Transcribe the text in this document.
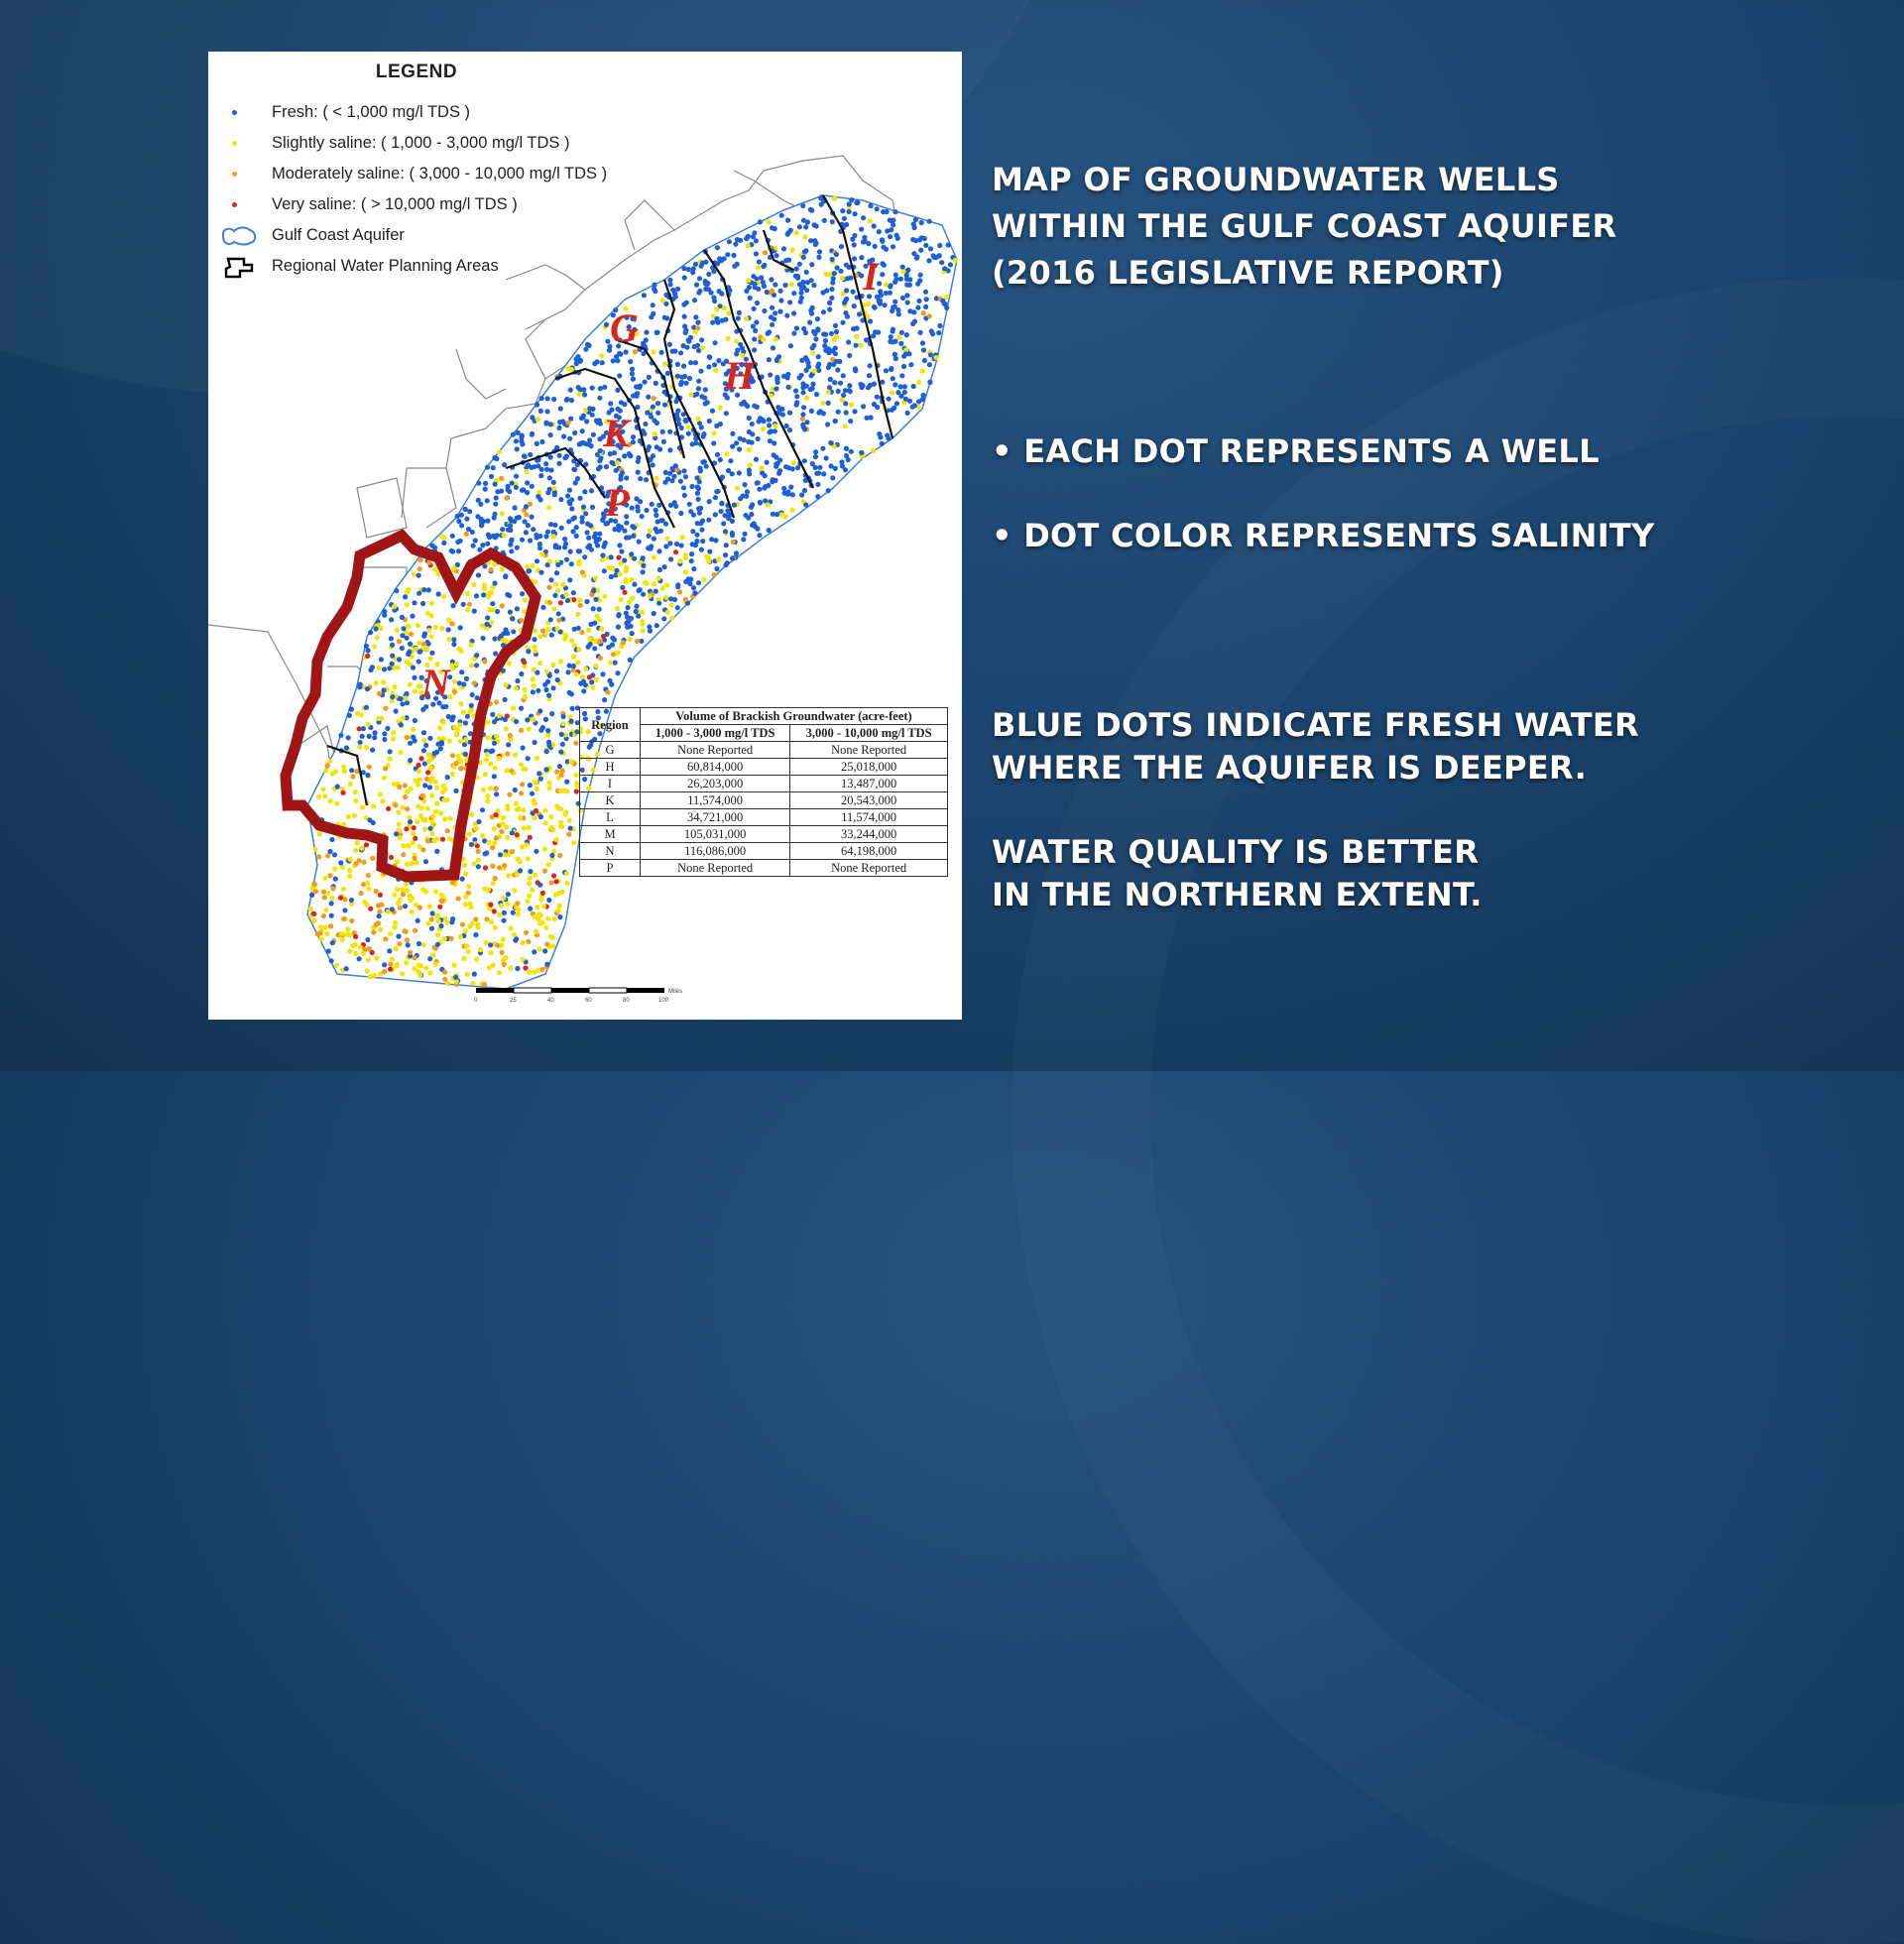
G
H
I
K
P
N
LEGEND
Fresh: ( < 1,000 mg/l TDS )
Slightly saline: ( 1,000 - 3,000 mg/l TDS )
Moderately saline: ( 3,000 - 10,000 mg/l TDS )
Very saline: ( > 10,000 mg/l TDS )
Gulf Coast Aquifer
Regional Water Planning Areas
Region	Volume of Brackish Groundwater (acre-feet)	
	1,000 - 3,000 mg/l TDS	3,000 - 10,000 mg/l TDS
G	None Reported	None Reported
H	60,814,000	25,018,000
I	26,203,000	13,487,000
K	11,574,000	20,543,000
L	34,721,000	11,574,000
M	105,031,000	33,244,000
N	116,086,000	64,198,000
P	None Reported	None Reported
0	25	40	60	80	100
Miles
MAP OF GROUNDWATER WELLS
WITHIN THE GULF COAST AQUIFER
(2016 LEGISLATIVE REPORT)
• EACH DOT REPRESENTS A WELL
• DOT COLOR REPRESENTS SALINITY
BLUE DOTS INDICATE FRESH WATER
WHERE THE AQUIFER IS DEEPER.
WATER QUALITY IS BETTER
IN THE NORTHERN EXTENT.
